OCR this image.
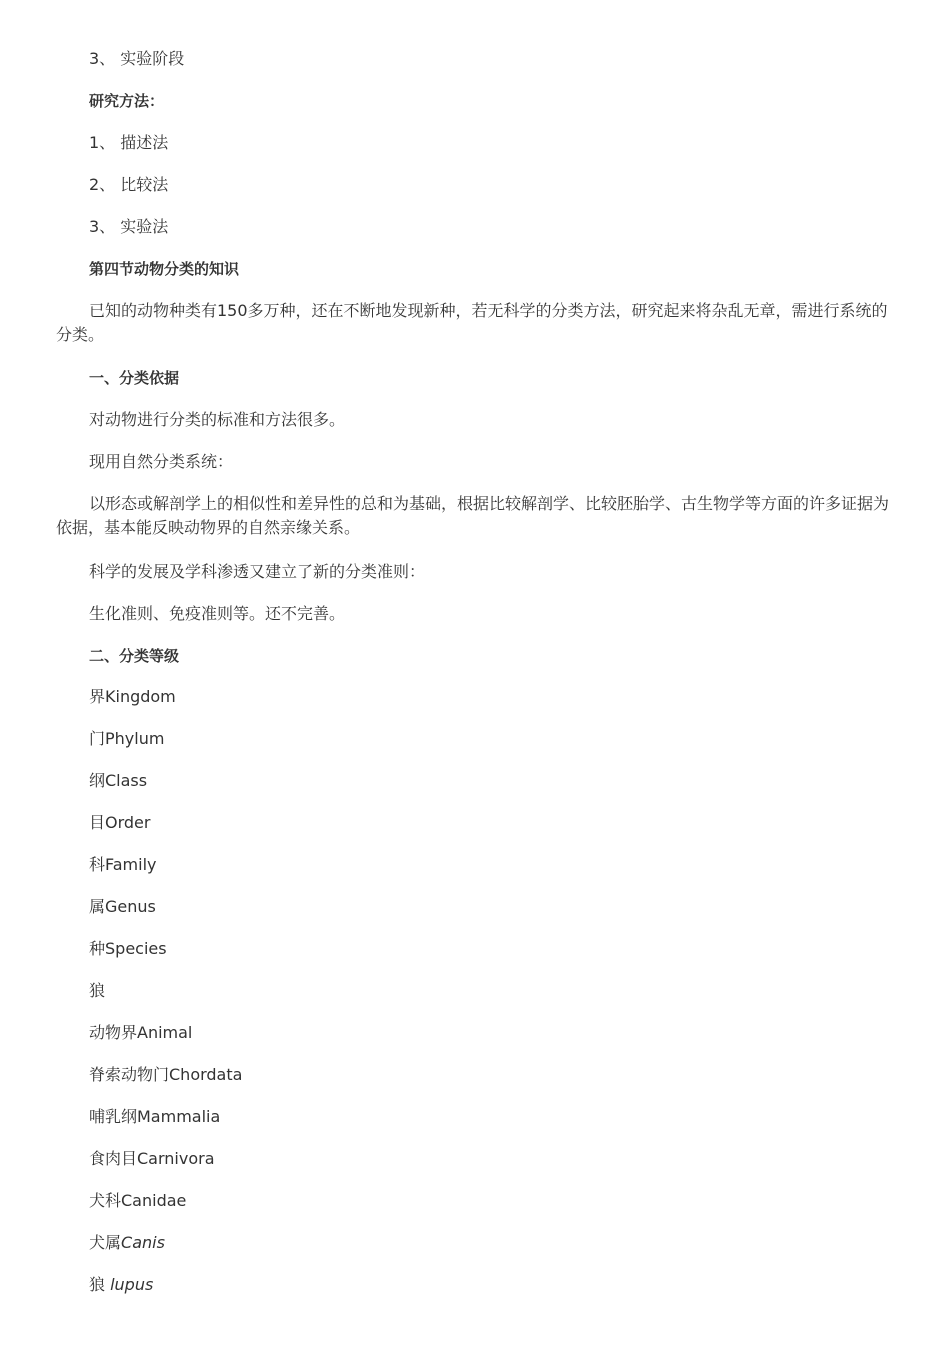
3、 实验阶段

研究方法：

1、 描述法

2、 比较法

3、 实验法

第四节动物分类的知识

已知的动物种类有150多万种，还在不断地发现新种，若无科学的分类方法，研究起来将杂乱无章，需进行系统的分类。

一、分类依据

对动物进行分类的标准和方法很多。

现用自然分类系统：

以形态或解剖学上的相似性和差异性的总和为基础，根据比较解剖学、比较胚胎学、古生物学等方面的许多证据为依据，基本能反映动物界的自然亲缘关系。

科学的发展及学科渗透又建立了新的分类准则：

生化准则、免疫准则等。还不完善。

二、分类等级

界Kingdom

门Phylum

纲Class

目Order

科Family

属Genus

种Species

狼

动物界Animal

脊索动物门Chordata

哺乳纲Mammalia

食肉目Carnivora

犬科Canidae

犬属Canis

狼 lupus
